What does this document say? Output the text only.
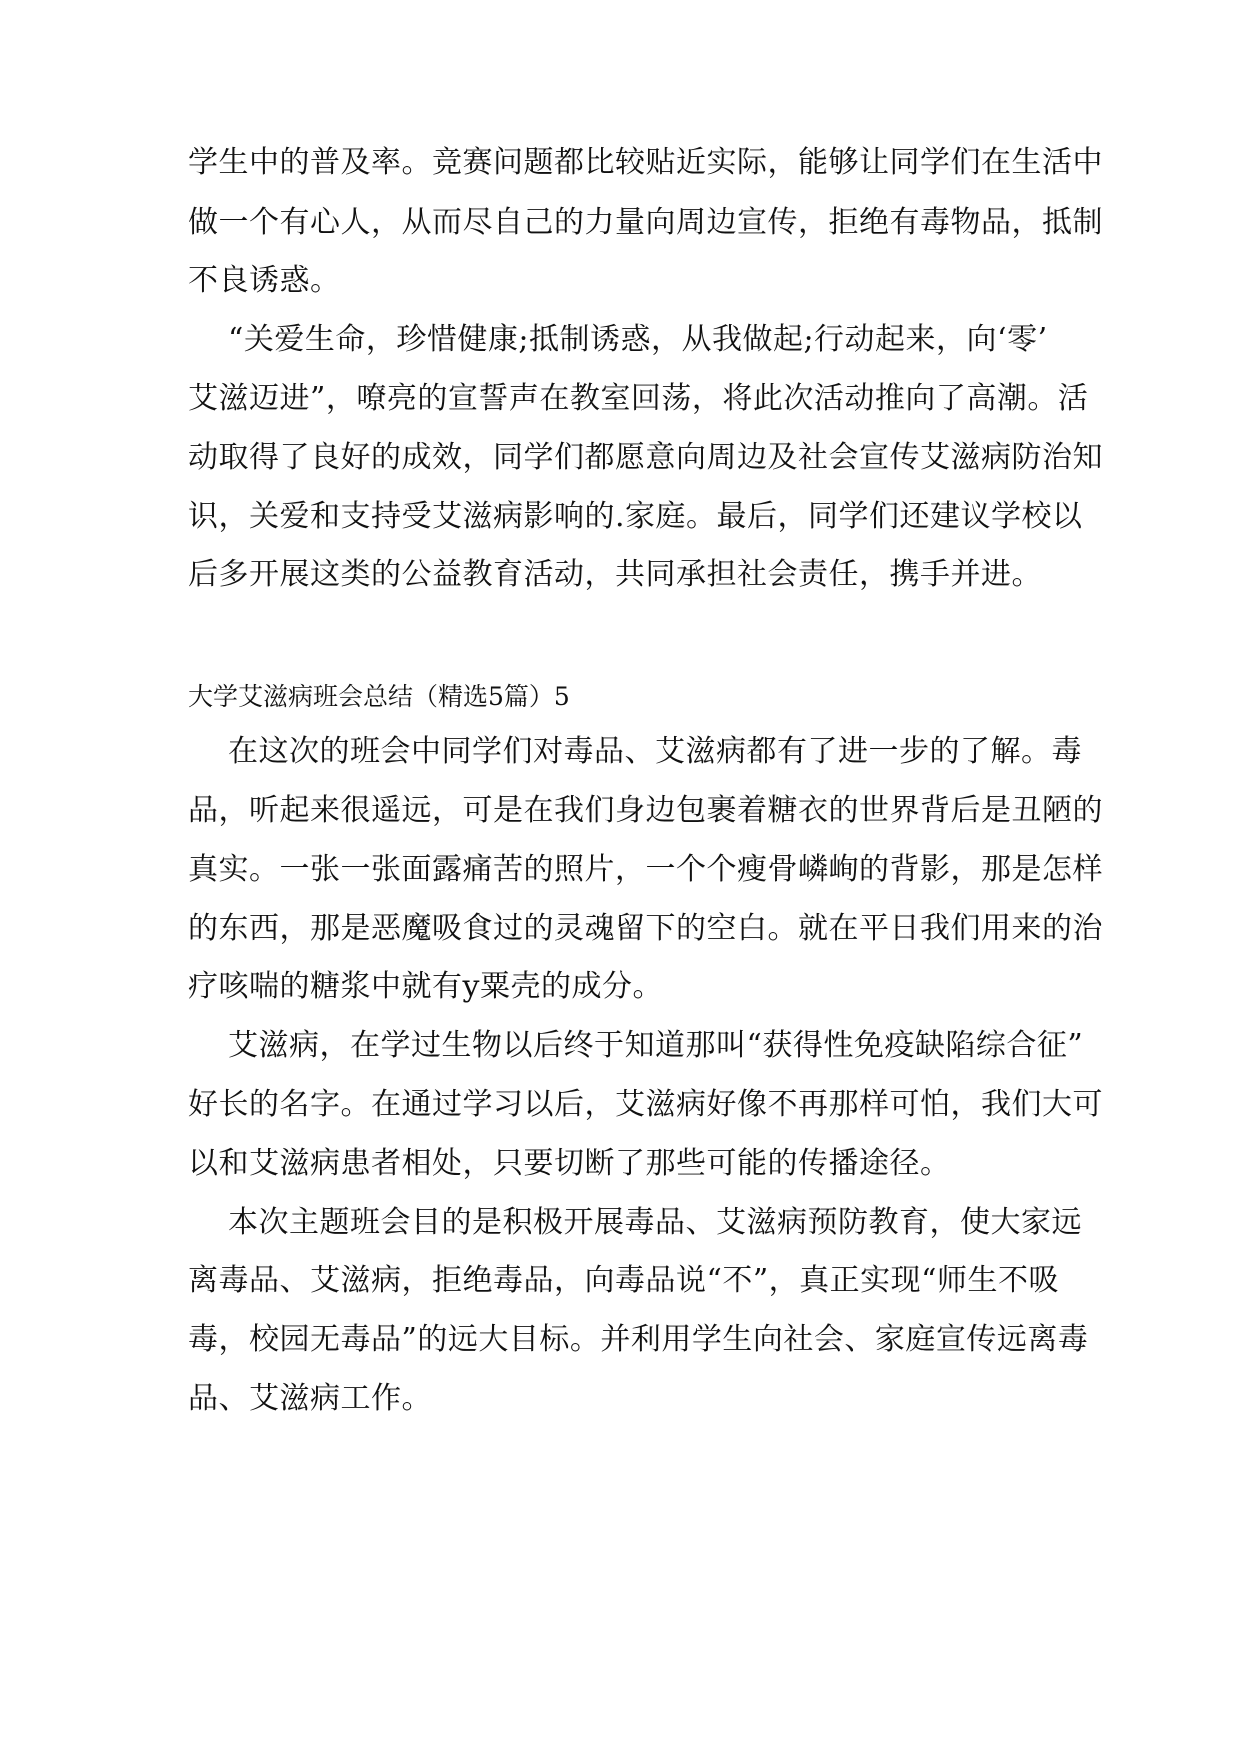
学生中的普及率。竞赛问题都比较贴近实际，能够让同学们在生活中
做一个有心人，从而尽自己的力量向周边宣传，拒绝有毒物品，抵制
不良诱惑。
“关爱生命，珍惜健康;抵制诱惑，从我做起;行动起来，向‘零’
艾滋迈进”，嘹亮的宣誓声在教室回荡，将此次活动推向了高潮。活
动取得了良好的成效，同学们都愿意向周边及社会宣传艾滋病防治知
识，关爱和支持受艾滋病影响的.家庭。最后，同学们还建议学校以
后多开展这类的公益教育活动，共同承担社会责任，携手并进。
大学艾滋病班会总结（精选5篇）5
在这次的班会中同学们对毒品、艾滋病都有了进一步的了解。毒
品，听起来很遥远，可是在我们身边包裹着糖衣的世界背后是丑陋的
真实。一张一张面露痛苦的照片，一个个瘦骨嶙峋的背影，那是怎样
的东西，那是恶魔吸食过的灵魂留下的空白。就在平日我们用来的治
疗咳喘的糖浆中就有y粟壳的成分。
艾滋病，在学过生物以后终于知道那叫“获得性免疫缺陷综合征”
好长的名字。在通过学习以后，艾滋病好像不再那样可怕，我们大可
以和艾滋病患者相处，只要切断了那些可能的传播途径。
本次主题班会目的是积极开展毒品、艾滋病预防教育，使大家远
离毒品、艾滋病，拒绝毒品，向毒品说“不”，真正实现“师生不吸
毒，校园无毒品”的远大目标。并利用学生向社会、家庭宣传远离毒
品、艾滋病工作。
